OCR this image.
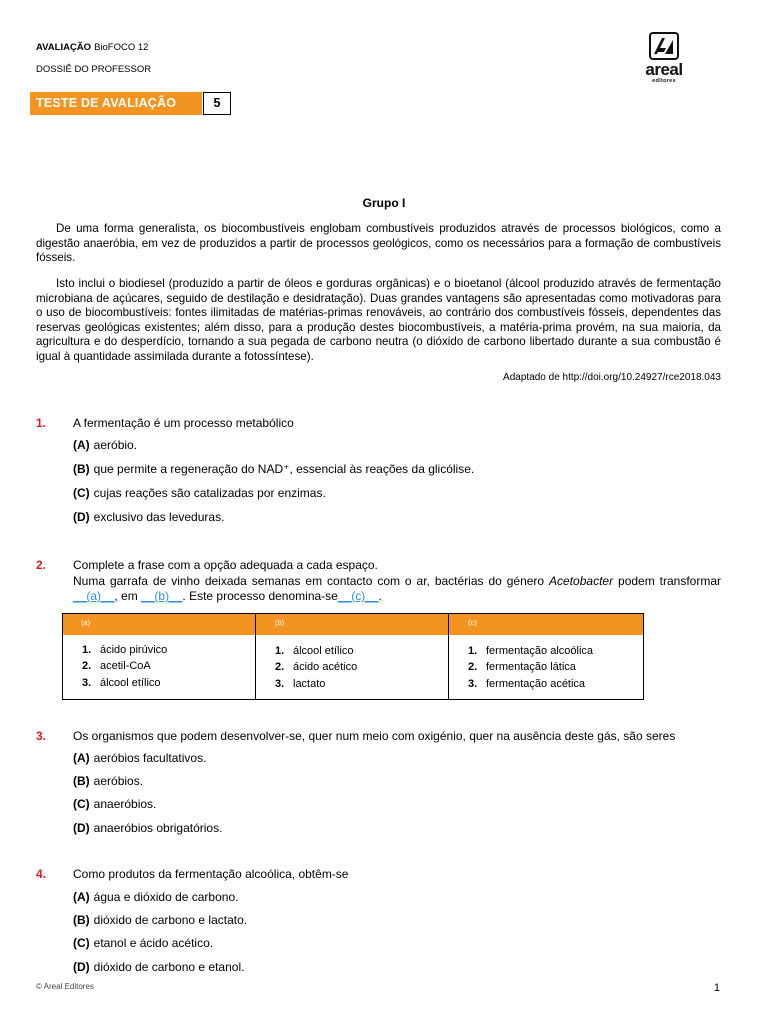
AVALIAÇÃO BioFOCO 12
DOSSIÊ DO PROFESSOR	areal
editores
TESTE DE AVALIAÇÃO	5
Grupo I

De uma forma generalista, os biocombustíveis englobam combustíveis produzidos através de processos biológicos, como a digestão anaeróbia, em vez de produzidos a partir de processos geológicos, como os necessários para a formação de combustíveis fósseis.

Isto inclui o biodiesel (produzido a partir de óleos e gorduras orgânicas) e o bioetanol (álcool produzido através de fermentação microbiana de açúcares, seguido de destilação e desidratação). Duas grandes vantagens são apresentadas como motivadoras para o uso de biocombustíveis: fontes ilimitadas de matérias-primas renováveis, ao contrário dos combustíveis fósseis, dependentes das reservas geológicas existentes; além disso, para a produção destes biocombustíveis, a matéria-prima provém, na sua maioria, da agricultura e do desperdício, tornando a sua pegada de carbono neutra (o dióxido de carbono libertado durante a sua combustão é igual à quantidade assimilada durante a fotossíntese).

Adaptado de http://doi.org/10.24927/rce2018.043
1. A fermentação é um processo metabólico
(A) aeróbio.
(B) que permite a regeneração do NAD⁺, essencial às reações da glicólise.
(C) cujas reações são catalizadas por enzimas.
(D) exclusivo das leveduras.
2. Complete a frase com a opção adequada a cada espaço.
Numa garrafa de vinho deixada semanas em contacto com o ar, bactérias do género Acetobacter podem transformar __(a)__, em __(b)__. Este processo denomina-se__(c)__.
(a)	(b)	(c)
1. ácido pirúvico
2. acetil-CoA
3. álcool etílico
1. álcool etílico
2. ácido acético
3. lactato
1. fermentação alcoólica
2. fermentação lática
3. fermentação acética
3. Os organismos que podem desenvolver-se, quer num meio com oxigénio, quer na ausência deste gás, são seres
(A) aeróbios facultativos.
(B) aeróbios.
(C) anaeróbios.
(D) anaeróbios obrigatórios.
4. Como produtos da fermentação alcoólica, obtêm-se
(A) água e dióxido de carbono.
(B) dióxido de carbono e lactato.
(C) etanol e ácido acético.
(D) dióxido de carbono e etanol.
© Areal Editores	1
